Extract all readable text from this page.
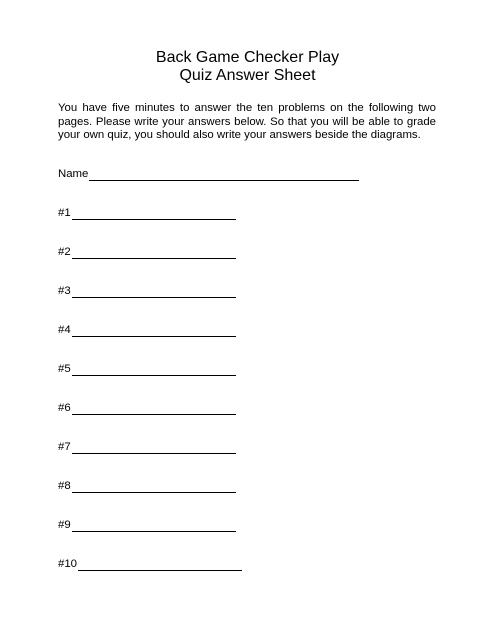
Back Game Checker Play
Quiz Answer Sheet

You have five minutes to answer the ten problems on the following two pages. Please write your answers below. So that you will be able to grade your own quiz, you should also write your answers beside the diagrams.

Name
#1
#2
#3
#4
#5
#6
#7
#8
#9
#10
